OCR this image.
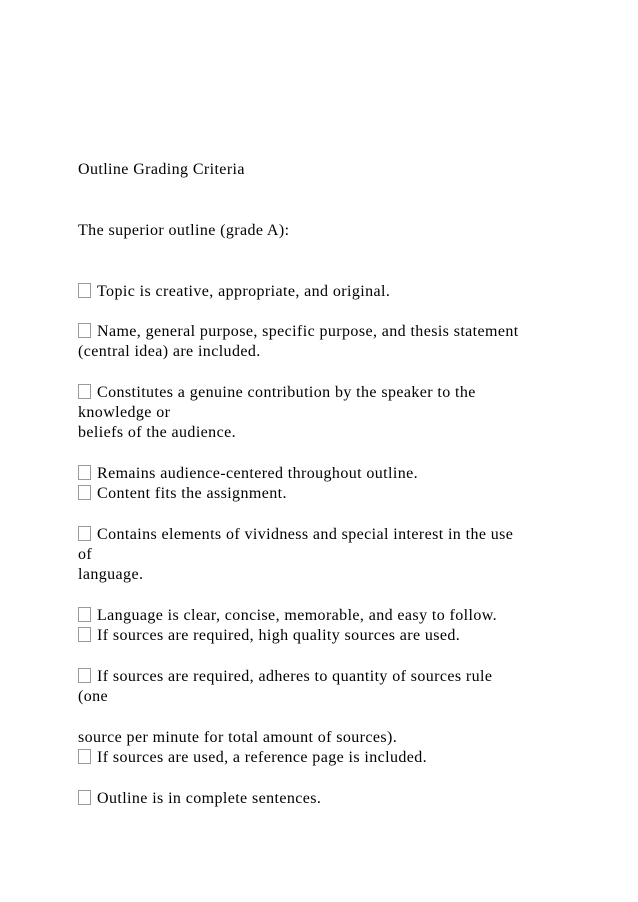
Outline Grading Criteria
The superior outline (grade A):
Topic is creative, appropriate, and original.
Name, general purpose, specific purpose, and thesis statement
(central idea) are included.
Constitutes a genuine contribution by the speaker to the
knowledge or
beliefs of the audience.
Remains audience-centered throughout outline.
Content fits the assignment.
Contains elements of vividness and special interest in the use
of
language.
Language is clear, concise, memorable, and easy to follow.
If sources are required, high quality sources are used.
If sources are required, adheres to quantity of sources rule
(one
source per minute for total amount of sources).
If sources are used, a reference page is included.
Outline is in complete sentences.
